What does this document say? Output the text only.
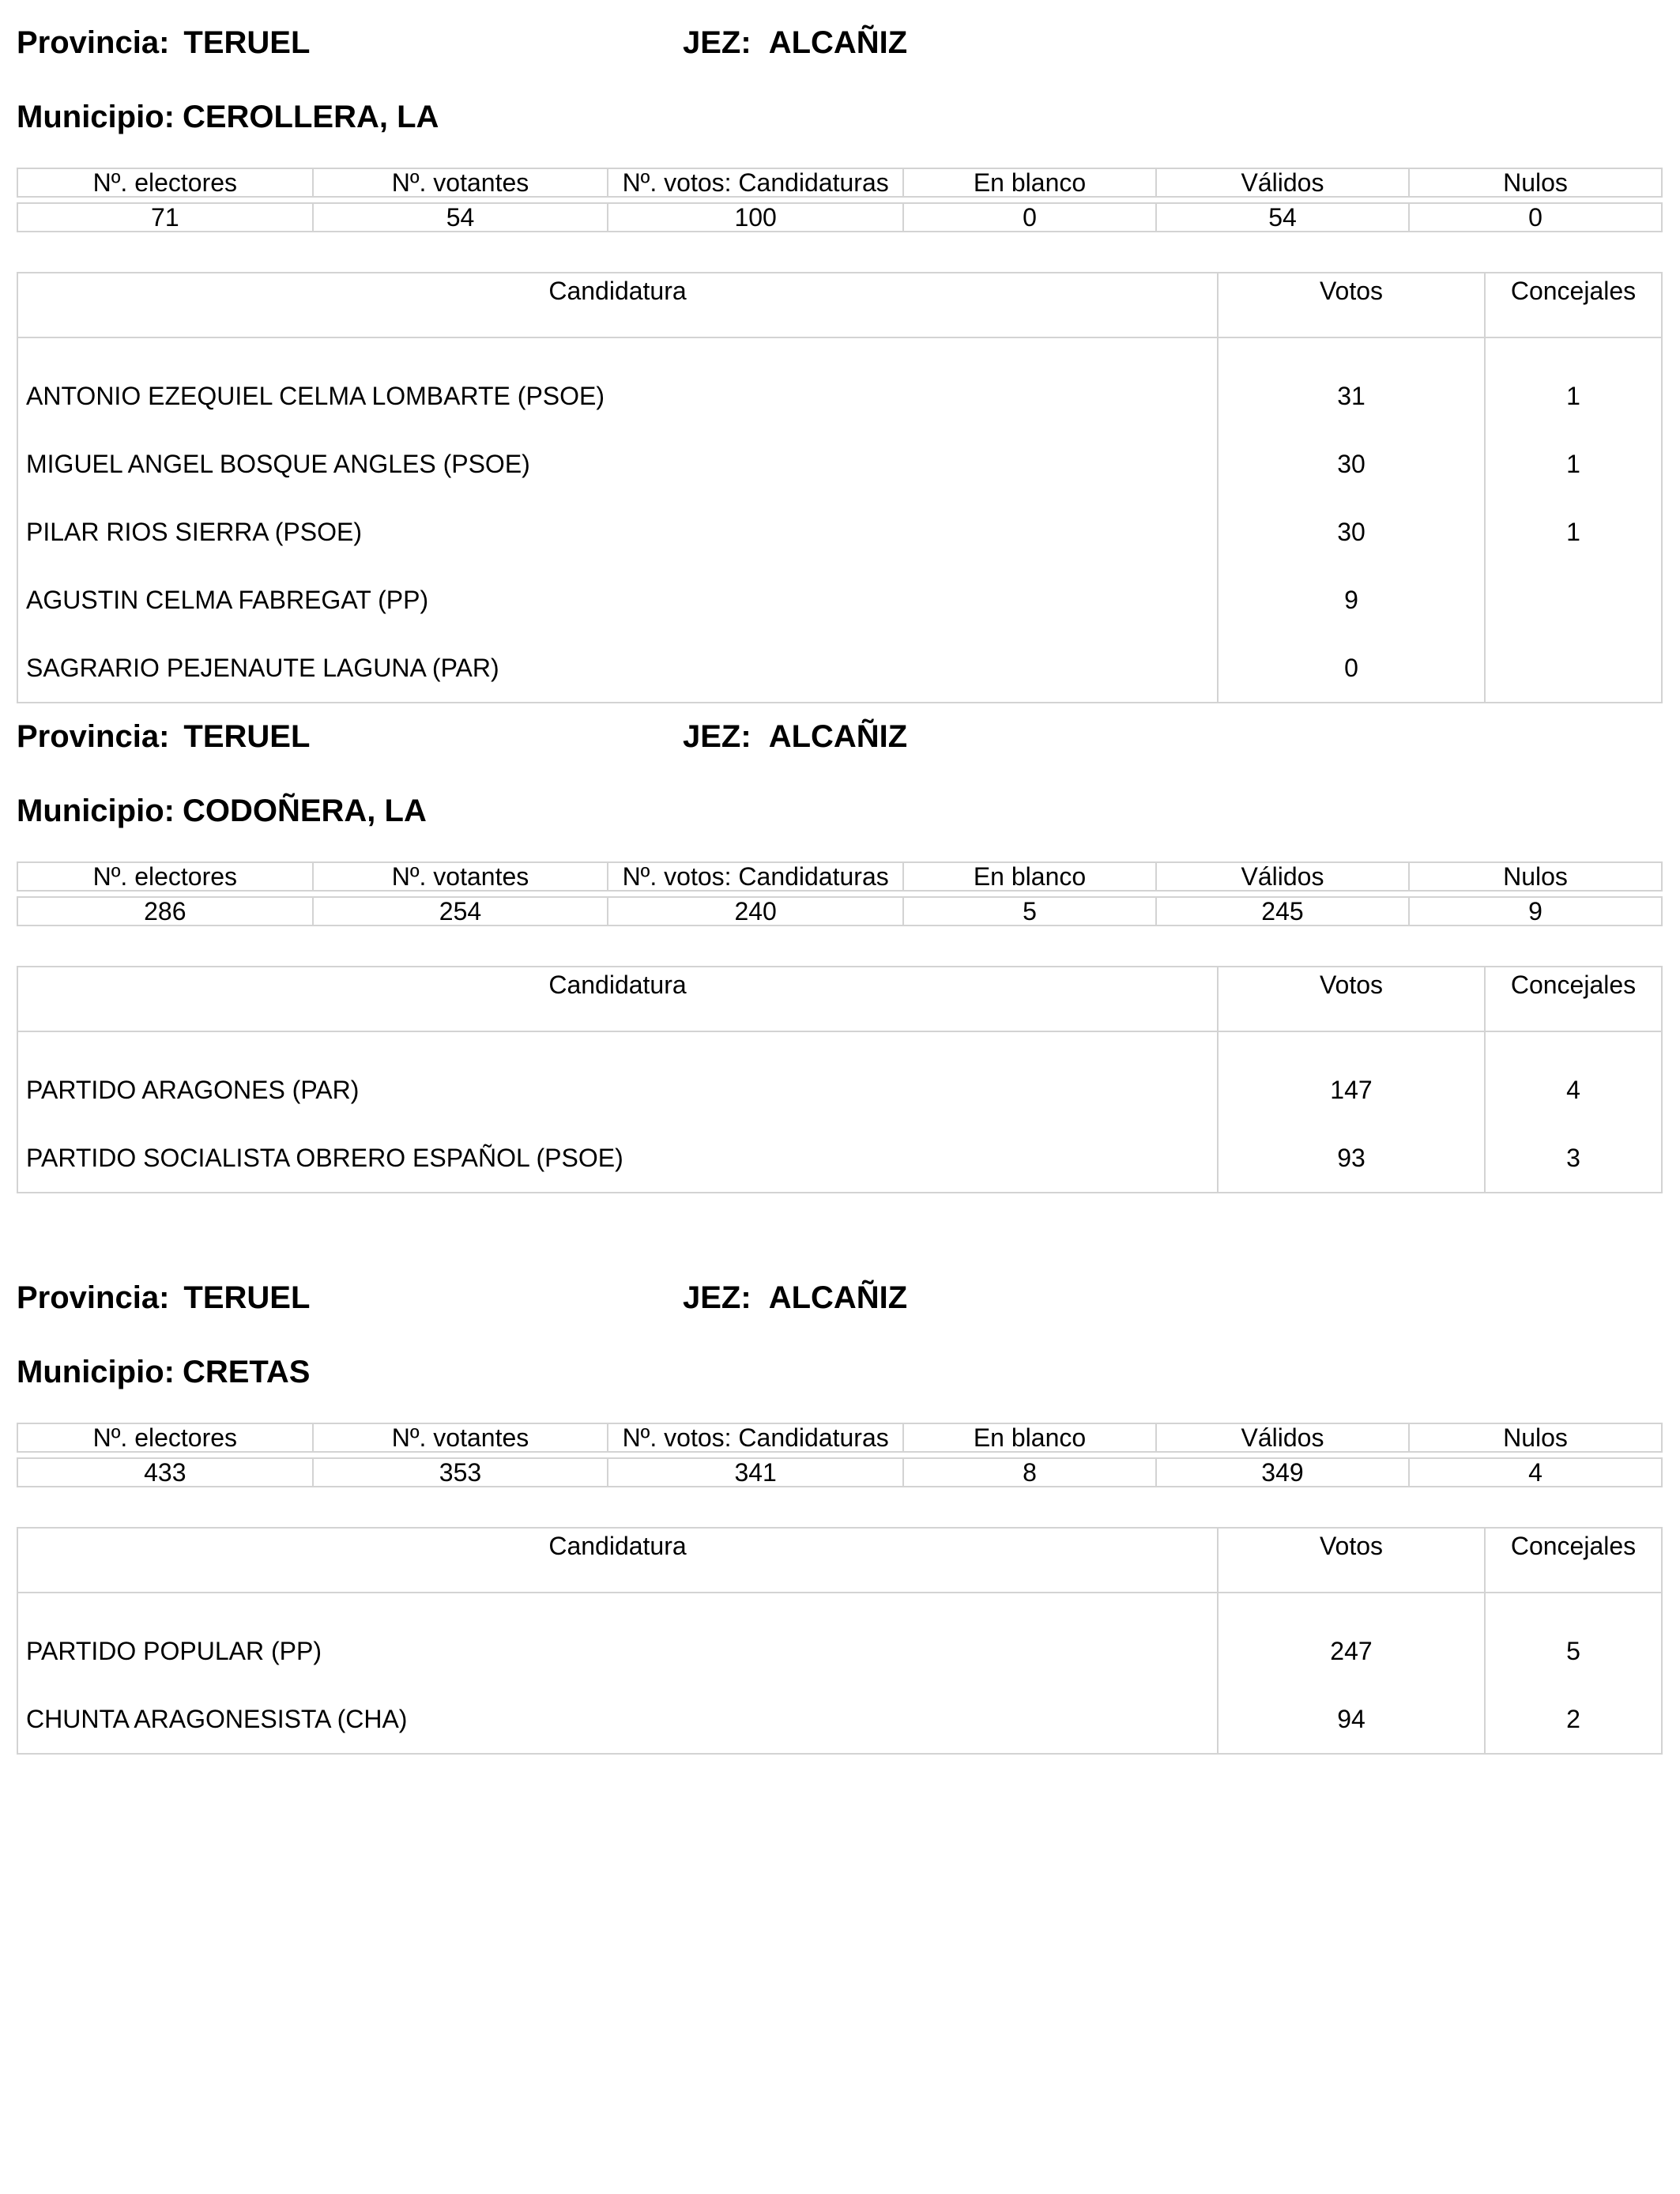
Provincia: TERUEL	JEZ: ALCAÑIZ
Municipio: CEROLLERA, LA
Nº. electores	Nº. votantes	Nº. votos: Candidaturas	En blanco	Válidos	Nulos

71	54	100	0	54	0
Candidatura	Votos	Concejales
ANTONIO EZEQUIEL CELMA LOMBARTE (PSOE)	31	1
MIGUEL ANGEL BOSQUE ANGLES (PSOE)	30	1
PILAR RIOS SIERRA (PSOE)	30	1
AGUSTIN CELMA FABREGAT (PP)	9
SAGRARIO PEJENAUTE LAGUNA (PAR)	0
Provincia: TERUEL	JEZ: ALCAÑIZ
Municipio: CODOÑERA, LA
Nº. electores	Nº. votantes	Nº. votos: Candidaturas	En blanco	Válidos	Nulos

286	254	240	5	245	9
Candidatura	Votos	Concejales
PARTIDO ARAGONES (PAR)	147	4
PARTIDO SOCIALISTA OBRERO ESPAÑOL (PSOE)	93	3
Provincia: TERUEL	JEZ: ALCAÑIZ
Municipio: CRETAS
Nº. electores	Nº. votantes	Nº. votos: Candidaturas	En blanco	Válidos	Nulos

433	353	341	8	349	4
Candidatura	Votos	Concejales
PARTIDO POPULAR (PP)	247	5
CHUNTA ARAGONESISTA (CHA)	94	2
